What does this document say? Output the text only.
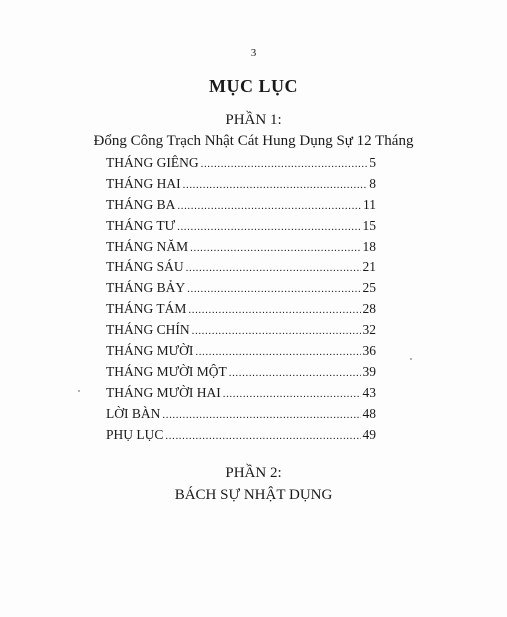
3
MỤC LỤC
PHẦN 1:
Đổng Công Trạch Nhật Cát Hung Dụng Sự 12 Tháng
THÁNG GIÊNG .....	5
THÁNG HAI .....	8
THÁNG BA .....	11
THÁNG TƯ .....	15
THÁNG NĂM .....	18
THÁNG SÁU .....	21
THÁNG BẢY .....	25
THÁNG TÁM .....	28
THÁNG CHÍN .....	32
THÁNG MƯỜI .....	36
THÁNG MƯỜI MỘT .....	39
THÁNG MƯỜI HAI .....	43
LỜI BÀN .....	48
PHỤ LỤC .....	49
PHẦN 2:
BÁCH SỰ NHẬT DỤNG
